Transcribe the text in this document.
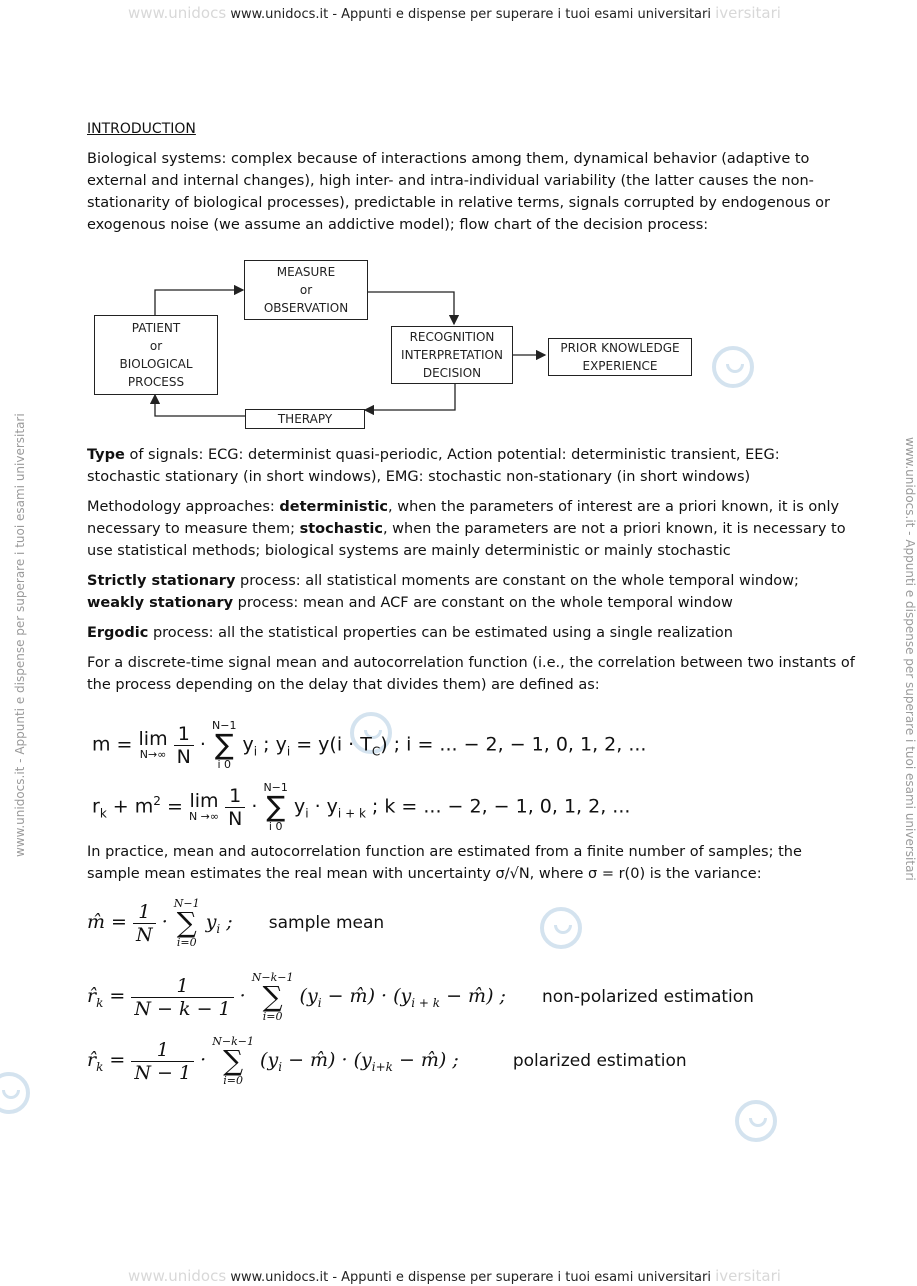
www.unidocs www.unidocs.it - Appunti e dispense per superare i tuoi esami universitari iversitari
www.unidocs.it - Appunti e dispense per superare i tuoi esami universitari	www.unidocs.it - Appunti e dispense per superare i tuoi esami universitari
INTRODUCTION

Biological systems: complex because of interactions among them, dynamical behavior (adaptive to external and internal changes), high inter- and intra-individual variability (the latter causes the non-stationarity of biological processes), predictable in relative terms, signals corrupted by endogenous or exogenous noise (we assume an addictive model); flow chart of the decision process:

PATIENT
or
BIOLOGICAL
PROCESS
MEASURE
or
OBSERVATION
RECOGNITION
INTERPRETATION
DECISION
PRIOR KNOWLEDGE
EXPERIENCE
THERAPY

Type of signals: ECG: determinist quasi-periodic, Action potential: deterministic transient, EEG: stochastic stationary (in short windows), EMG: stochastic non-stationary (in short windows)

Methodology approaches: deterministic, when the parameters of interest are a priori known, it is only necessary to measure them; stochastic, when the parameters are not a priori known, it is necessary to use statistical methods; biological systems are mainly deterministic or mainly stochastic

Strictly stationary process: all statistical moments are constant on the whole temporal window;
weakly stationary process: mean and ACF are constant on the whole temporal window

Ergodic process: all the statistical properties can be estimated using a single realization

For a discrete-time signal mean and autocorrelation function (i.e., the correlation between two instants of the process depending on the delay that divides them) are defined as:

m = lim
N→∞
$\frac{1}{N}$ ·
N−1
∑
i 0
$y_i$ ; $y_i = y(i \cdot T_C)$ ; i = ... − 2, − 1, 0, 1, 2, ...
$r_k + m^2 = \lim$
N →∞
$\frac{1}{N}$ ·
N−1
∑
i 0
$y_i \cdot y_{i + k}$ ; k = ... − 2, − 1, 0, 1, 2, ...

In practice, mean and autocorrelation function are estimated from a finite number of samples; the sample mean estimates the real mean with uncertainty σ/√N, where σ = r(0) is the variance:

m̂ = $\frac{1}{N}$ ·
N−1
∑
i=0
$y_i$ ; sample mean
$r̂_k = \frac{1}{N - k - 1}$ ·
N−k−1
∑
i=0
($y_i$ − m̂) · ($y_{i + k}$ − m̂) ; non-polarized estimation
$r̂_k = \frac{1}{N - 1}$ ·
N−k−1
∑
i=0
($y_i$ − m̂) · ($y_{i+k}$ − m̂) ;	polarized estimation
www.unidocs www.unidocs.it - Appunti e dispense per superare i tuoi esami universitari iversitari
